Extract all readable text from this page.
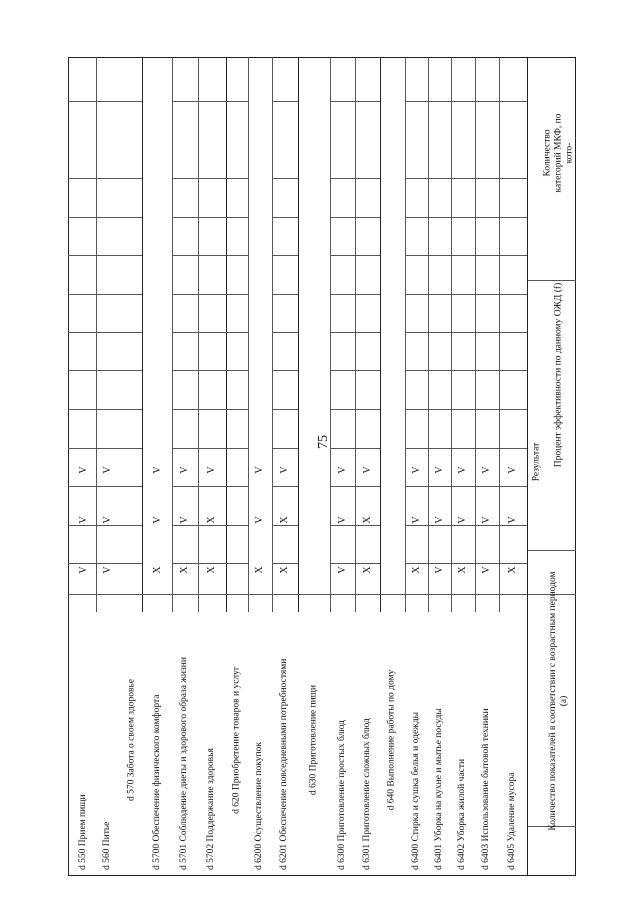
75
d 550 Прием пищи
V
V
V
d 560 Питье
V
V
V
d 570 Забота о своем здоровье d 5700 Обеспечение физического комфорта
X
V
V
d 5701 Соблюдение диеты и здорового образа жизни
X
V
V
d 5702 Поддержание здоровья
X
X
V
d 620 Приобретение товаров и услуг d 6200 Осуществление покупок
X
V
V
d 6201 Обеспечение повседневными потребностями
X
X
V
d 630 Приготовление пищи d 6300 Приготовление простых блюд
V
V
V
d 6301 Приготовление сложных блюд
X
X
V
d 640 Выполнение работы по дому d 6400 Стирка и сушка белья и одежды
X
V
V
d 6401 Уборка на кухне и мытье посуды
V
V
V
d 6402 Уборка жилой части
X
V
V
d 6403 Использование бытовой техники
V
V
V
d 6405 Удаление мусора
X
V
V Результат
Количество показателей в соответствии с возрастным периодом (a)
Процент эффективности по данному ОЖД (f)
Количество категорий МКФ, по кото-
